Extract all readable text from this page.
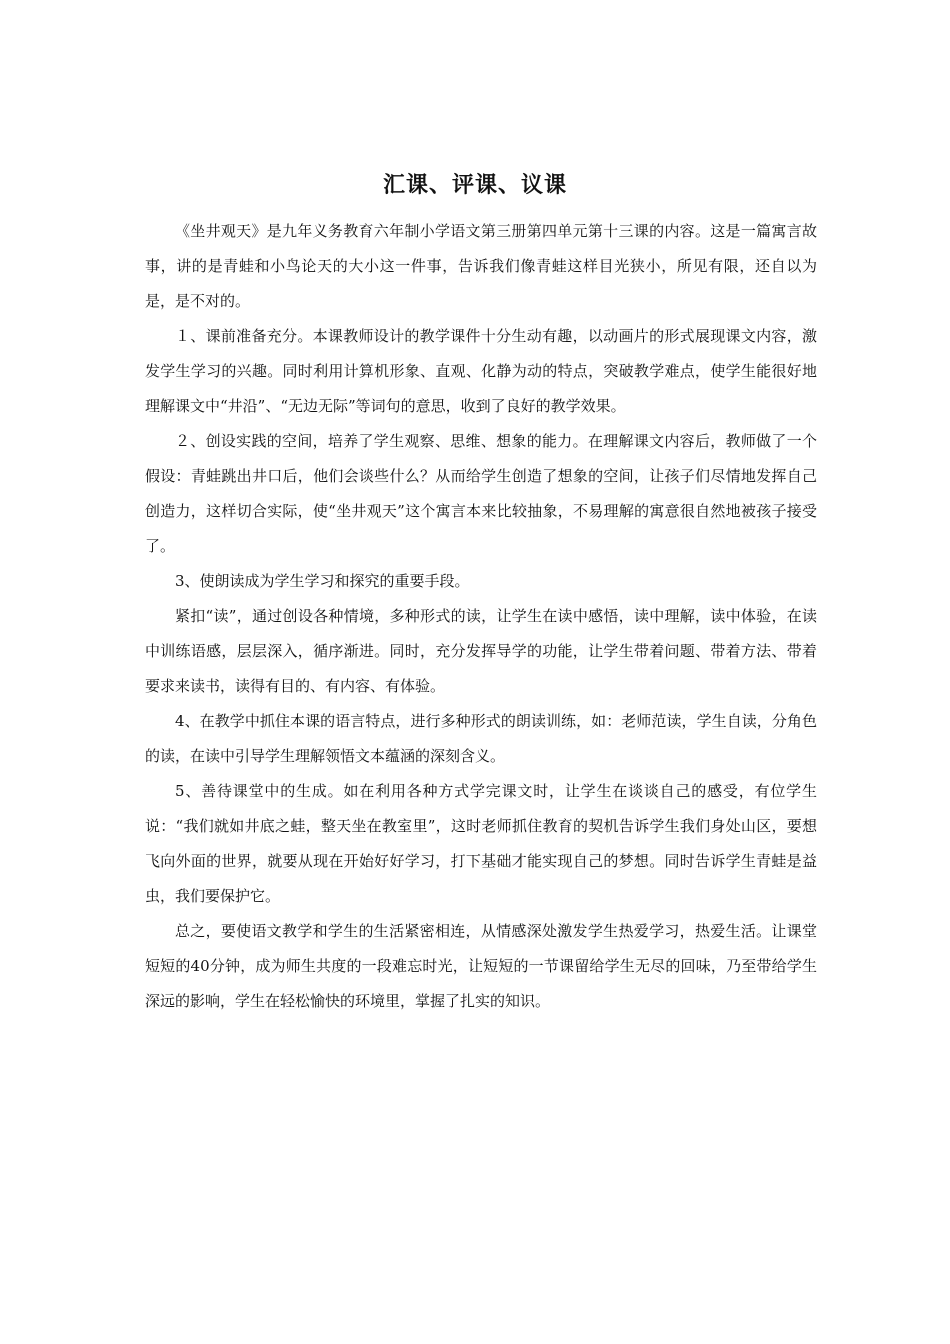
汇课、评课、议课

《坐井观天》是九年义务教育六年制小学语文第三册第四单元第十三课的内容。这是一篇寓言故事，讲的是青蛙和小鸟论天的大小这一件事，告诉我们像青蛙这样目光狭小，所见有限，还自以为是，是不对的。

１、课前准备充分。本课教师设计的教学课件十分生动有趣，以动画片的形式展现课文内容，激发学生学习的兴趣。同时利用计算机形象、直观、化静为动的特点，突破教学难点，使学生能很好地理解课文中“井沿”、“无边无际”等词句的意思，收到了良好的教学效果。

２、创设实践的空间，培养了学生观察、思维、想象的能力。在理解课文内容后，教师做了一个假设：青蛙跳出井口后，他们会谈些什么？从而给学生创造了想象的空间，让孩子们尽情地发挥自己创造力，这样切合实际，使“坐井观天”这个寓言本来比较抽象，不易理解的寓意很自然地被孩子接受了。

3、使朗读成为学生学习和探究的重要手段。

紧扣“读”，通过创设各种情境，多种形式的读，让学生在读中感悟，读中理解，读中体验，在读中训练语感，层层深入，循序渐进。同时，充分发挥导学的功能，让学生带着问题、带着方法、带着要求来读书，读得有目的、有内容、有体验。

4、在教学中抓住本课的语言特点，进行多种形式的朗读训练，如：老师范读，学生自读，分角色的读，在读中引导学生理解领悟文本蕴涵的深刻含义。

5、善待课堂中的生成。如在利用各种方式学完课文时，让学生在谈谈自己的感受，有位学生说：“我们就如井底之蛙，整天坐在教室里”，这时老师抓住教育的契机告诉学生我们身处山区，要想飞向外面的世界，就要从现在开始好好学习，打下基础才能实现自己的梦想。同时告诉学生青蛙是益虫，我们要保护它。

总之，要使语文教学和学生的生活紧密相连，从情感深处激发学生热爱学习，热爱生活。让课堂短短的40分钟，成为师生共度的一段难忘时光，让短短的一节课留给学生无尽的回味，乃至带给学生深远的影响，学生在轻松愉快的环境里，掌握了扎实的知识。
